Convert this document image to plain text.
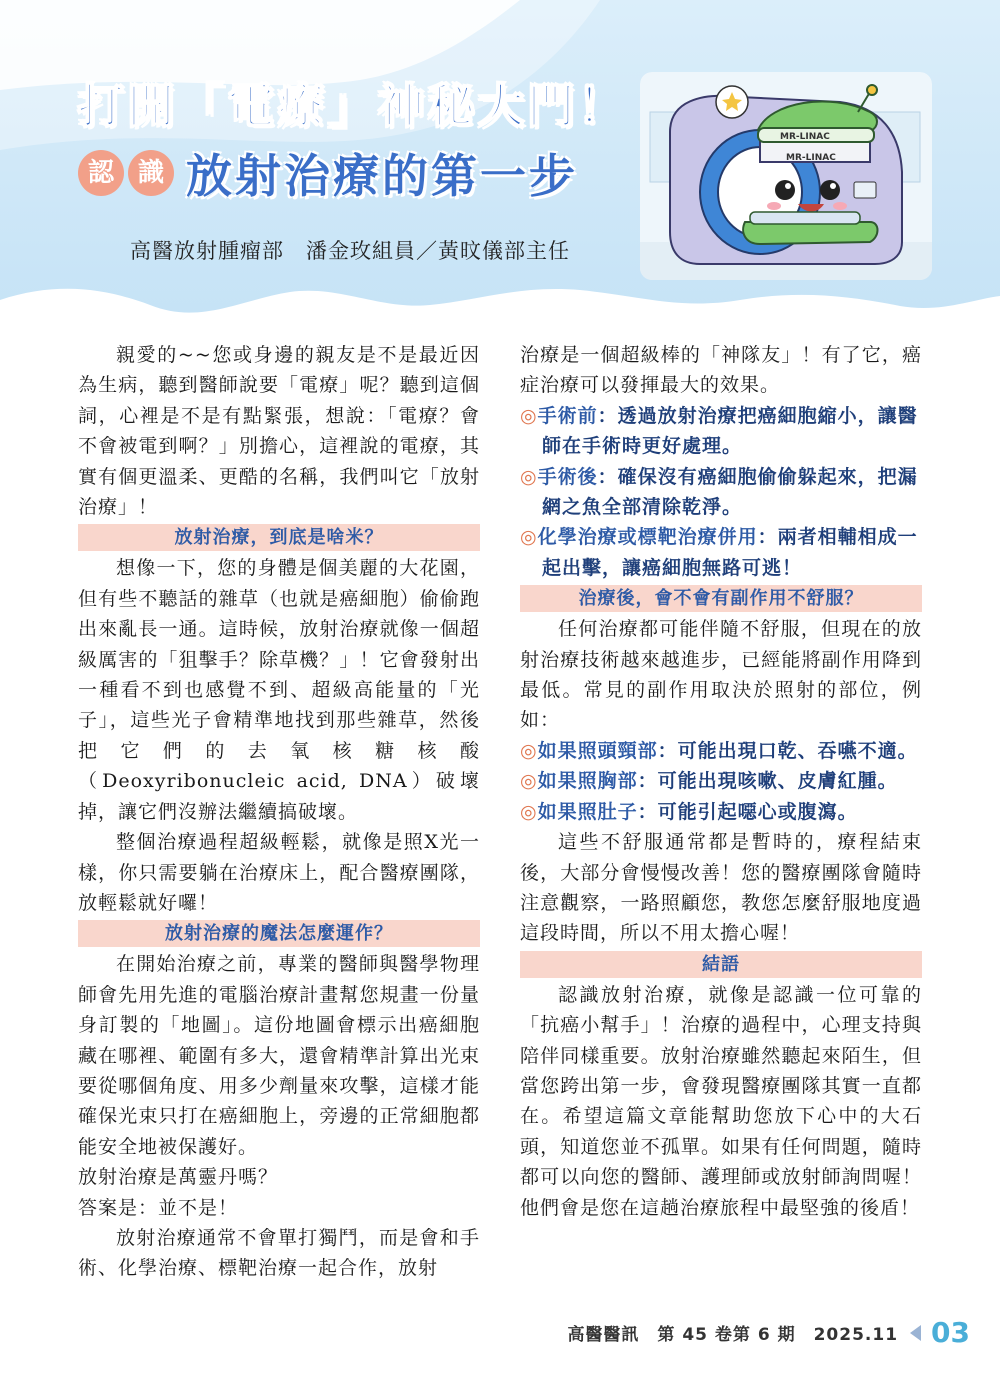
打開「電療」神秘大門！
認 識 放射治療的第一步
高醫放射腫瘤部　潘金玫組員／黃旼儀部主任
MR-LINAC
MR-LINAC

親愛的~~您或身邊的親友是不是最近因為生病，聽到醫師說要「電療」呢？聽到這個詞，心裡是不是有點緊張，想說：「電療？會不會被電到啊？」別擔心，這裡說的電療，其實有個更溫柔、更酷的名稱，我們叫它「放射治療」！

放射治療，到底是啥米？

想像一下，您的身體是個美麗的大花園，但有些不聽話的雜草（也就是癌細胞）偷偷跑出來亂長一通。這時候，放射治療就像一個超級厲害的「狙擊手？除草機？」！它會發射出一種看不到也感覺不到、超級高能量的「光子」，這些光子會精準地找到那些雜草，然後把它們的去氧核糖核酸（Deoxyribonucleic acid, DNA）破壞掉，讓它們沒辦法繼續搞破壞。

整個治療過程超級輕鬆，就像是照X光一樣，你只需要躺在治療床上，配合醫療團隊，放輕鬆就好囉！

放射治療的魔法怎麼運作？

在開始治療之前，專業的醫師與醫學物理師會先用先進的電腦治療計畫幫您規畫一份量身訂製的「地圖」。這份地圖會標示出癌細胞藏在哪裡、範圍有多大，還會精準計算出光束要從哪個角度、用多少劑量來攻擊，這樣才能確保光束只打在癌細胞上，旁邊的正常細胞都能安全地被保護好。

放射治療是萬靈丹嗎？

答案是：並不是！

放射治療通常不會單打獨鬥，而是會和手術、化學治療、標靶治療一起合作，放射

治療是一個超級棒的「神隊友」！有了它，癌症治療可以發揮最大的效果。

◎手術前：透過放射治療把癌細胞縮小，讓醫師在手術時更好處理。

◎手術後：確保沒有癌細胞偷偷躲起來，把漏網之魚全部清除乾淨。

◎化學治療或標靶治療併用：兩者相輔相成一起出擊，讓癌細胞無路可逃！

治療後，會不會有副作用不舒服？

任何治療都可能伴隨不舒服，但現在的放射治療技術越來越進步，已經能將副作用降到最低。常見的副作用取決於照射的部位，例如：

◎如果照頭頸部：可能出現口乾、吞嚥不適。

◎如果照胸部：可能出現咳嗽、皮膚紅腫。

◎如果照肚子：可能引起噁心或腹瀉。

這些不舒服通常都是暫時的，療程結束後，大部分會慢慢改善！您的醫療團隊會隨時注意觀察，一路照顧您，教您怎麼舒服地度過這段時間，所以不用太擔心喔！

結語

認識放射治療，就像是認識一位可靠的「抗癌小幫手」！治療的過程中，心理支持與陪伴同樣重要。放射治療雖然聽起來陌生，但當您跨出第一步，會發現醫療團隊其實一直都在。希望這篇文章能幫助您放下心中的大石頭，知道您並不孤單。如果有任何問題，隨時都可以向您的醫師、護理師或放射師詢問喔！他們會是您在這趟治療旅程中最堅強的後盾！

高醫醫訊　第 45 卷第 6 期　2025.11 03
